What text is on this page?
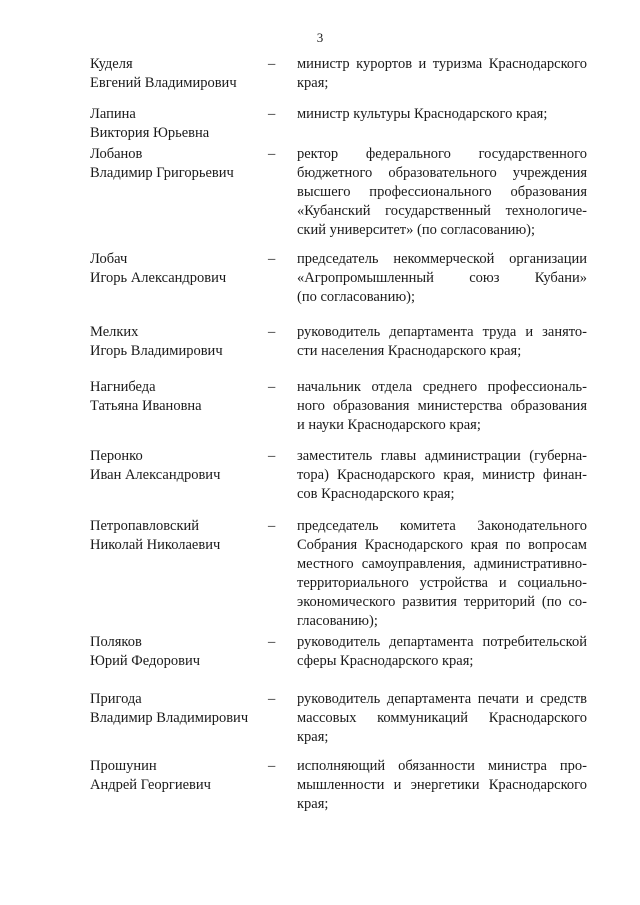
3
Куделя
Евгений Владимирович
– министр курортов и туризма Краснодарского
края;
Лапина
Виктория Юрьевна
– министр культуры Краснодарского края;
Лобанов
Владимир Григорьевич
– ректор федерального государственного
бюджетного образовательного учреждения
высшего профессионального образования
«Кубанский государственный технологиче-
ский университет» (по согласованию);
Лобач
Игорь Александрович
– председатель некоммерческой организации
«Агропромышленный союз Кубани»
(по согласованию);
Мелких
Игорь Владимирович
– руководитель департамента труда и занято-
сти населения Краснодарского края;
Нагнибеда
Татьяна Ивановна
– начальник отдела среднего профессиональ-
ного образования министерства образования
и науки Краснодарского края;
Перонко
Иван Александрович
– заместитель главы администрации (губерна-
тора) Краснодарского края, министр финан-
сов Краснодарского края;
Петропавловский
Николай Николаевич
– председатель комитета Законодательного
Собрания Краснодарского края по вопросам
местного самоуправления, административно-
территориального устройства и социально-
экономического развития территорий (по со-
гласованию);
Поляков
Юрий Федорович
– руководитель департамента потребительской
сферы Краснодарского края;
Пригода
Владимир Владимирович
– руководитель департамента печати и средств
массовых коммуникаций Краснодарского
края;
Прошунин
Андрей Георгиевич
– исполняющий обязанности министра про-
мышленности и энергетики Краснодарского
края;
